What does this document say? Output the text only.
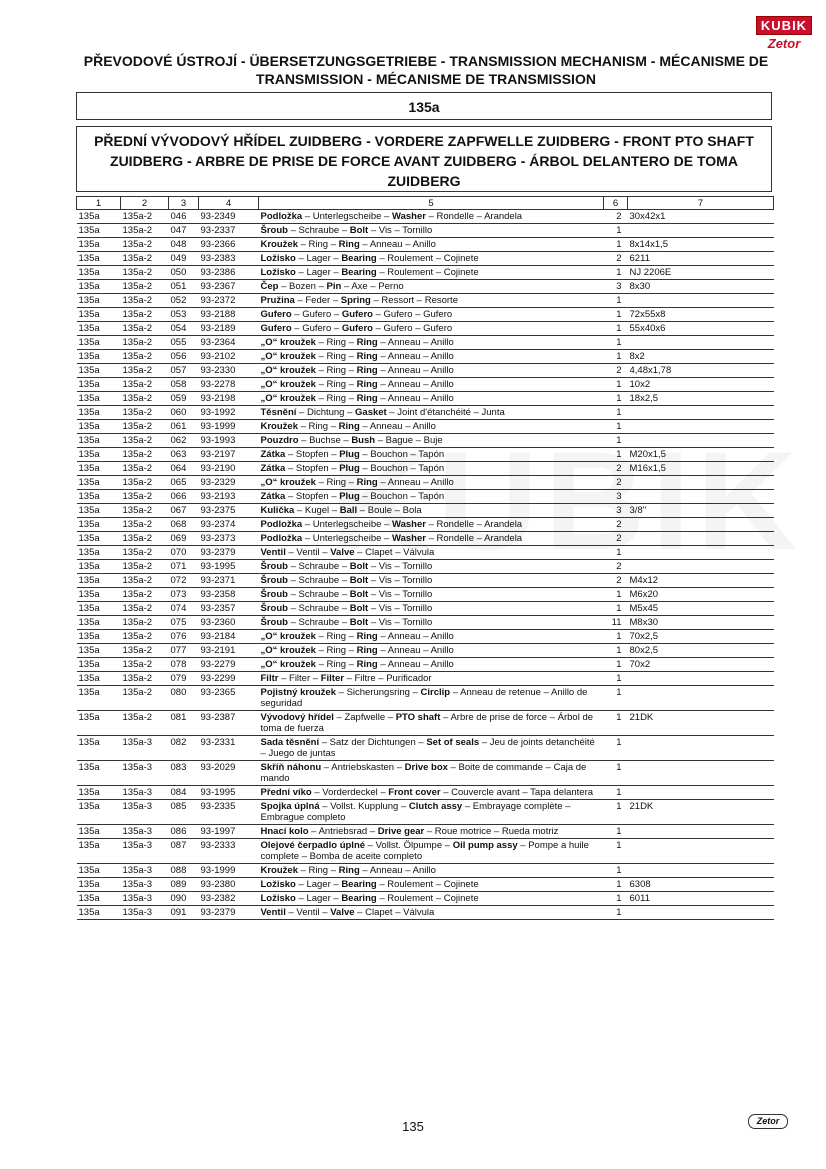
KUBIK
Zetor
PŘEVODOVÉ ÚSTROJÍ - ÜBERSETZUNGSGETRIEBE - TRANSMISSION MECHANISM - MÉCANISME DE
TRANSMISSION - MÉCANISME DE TRANSMISSION
135a
PŘEDNÍ VÝVODOVÝ HŘÍDEL ZUIDBERG - VORDERE ZAPFWELLE ZUIDBERG - FRONT PTO SHAFT
ZUIDBERG - ARBRE DE PRISE DE FORCE AVANT ZUIDBERG - ÁRBOL DELANTERO DE TOMA
ZUIDBERG
1	2	3	4	5	6	7
135a	135a-2	046	93-2349	Podložka – Unterlegscheibe – Washer – Rondelle – Arandela	2	30x42x1
135a	135a-2	047	93-2337	Šroub – Schraube – Bolt – Vis – Tornillo	1	
135a	135a-2	048	93-2366	Kroužek – Ring – Ring – Anneau – Anillo	1	8x14x1,5
135a	135a-2	049	93-2383	Ložisko – Lager – Bearing – Roulement – Cojinete	2	6211
135a	135a-2	050	93-2386	Ložisko – Lager – Bearing – Roulement – Cojinete	1	NJ 2206E
135a	135a-2	051	93-2367	Čep – Bozen – Pin – Axe – Perno	3	8x30
135a	135a-2	052	93-2372	Pružina – Feder – Spring – Ressort – Resorte	1	
135a	135a-2	053	93-2188	Gufero – Gufero – Gufero – Gufero – Gufero	1	72x55x8
135a	135a-2	054	93-2189	Gufero – Gufero – Gufero – Gufero – Gufero	1	55x40x6
135a	135a-2	055	93-2364	„O“ kroužek – Ring – Ring – Anneau – Anillo	1	
135a	135a-2	056	93-2102	„O“ kroužek – Ring – Ring – Anneau – Anillo	1	8x2
135a	135a-2	057	93-2330	„O“ kroužek – Ring – Ring – Anneau – Anillo	2	4,48x1,78
135a	135a-2	058	93-2278	„O“ kroužek – Ring – Ring – Anneau – Anillo	1	10x2
135a	135a-2	059	93-2198	„O“ kroužek – Ring – Ring – Anneau – Anillo	1	18x2,5
135a	135a-2	060	93-1992	Těsnění – Dichtung – Gasket – Joint d'étanchéité – Junta	1	
135a	135a-2	061	93-1999	Kroužek – Ring – Ring – Anneau – Anillo	1	
135a	135a-2	062	93-1993	Pouzdro – Buchse – Bush – Bague – Buje	1	
135a	135a-2	063	93-2197	Zátka – Stopfen – Plug – Bouchon – Tapón	1	M20x1,5
135a	135a-2	064	93-2190	Zátka – Stopfen – Plug – Bouchon – Tapón	2	M16x1,5
135a	135a-2	065	93-2329	„O“ kroužek – Ring – Ring – Anneau – Anillo	2	
135a	135a-2	066	93-2193	Zátka – Stopfen – Plug – Bouchon – Tapón	3	
135a	135a-2	067	93-2375	Kulička – Kugel – Ball – Boule – Bola	3	3/8"
135a	135a-2	068	93-2374	Podložka – Unterlegscheibe – Washer – Rondelle – Arandela	2	
135a	135a-2	069	93-2373	Podložka – Unterlegscheibe – Washer – Rondelle – Arandela	2	
135a	135a-2	070	93-2379	Ventil – Ventil – Valve – Clapet – Válvula	1	
135a	135a-2	071	93-1995	Šroub – Schraube – Bolt – Vis – Tornillo	2	
135a	135a-2	072	93-2371	Šroub – Schraube – Bolt – Vis – Tornillo	2	M4x12
135a	135a-2	073	93-2358	Šroub – Schraube – Bolt – Vis – Tornillo	1	M6x20
135a	135a-2	074	93-2357	Šroub – Schraube – Bolt – Vis – Tornillo	1	M5x45
135a	135a-2	075	93-2360	Šroub – Schraube – Bolt – Vis – Tornillo	11	M8x30
135a	135a-2	076	93-2184	„O“ kroužek – Ring – Ring – Anneau – Anillo	1	70x2,5
135a	135a-2	077	93-2191	„O“ kroužek – Ring – Ring – Anneau – Anillo	1	80x2,5
135a	135a-2	078	93-2279	„O“ kroužek – Ring – Ring – Anneau – Anillo	1	70x2
135a	135a-2	079	93-2299	Filtr – Filter – Filter – Filtre – Purificador	1	
135a	135a-2	080	93-2365	Pojistný kroužek – Sicherungsring – Circlip – Anneau de retenue – Anillo de seguridad	1	
135a	135a-2	081	93-2387	Vývodový hřídel – Zapfwelle – PTO shaft – Arbre de prise de force – Árbol de toma de fuerza	1	21DK
135a	135a-3	082	93-2331	Sada těsnění – Satz der Dichtungen – Set of seals – Jeu de joints detanchéité – Juego de juntas	1	
135a	135a-3	083	93-2029	Skříň náhonu – Antriebskasten – Drive box – Boite de commande – Caja de mando	1	
135a	135a-3	084	93-1995	Přední víko – Vorderdeckel – Front cover – Couvercle avant – Tapa delantera	1	
135a	135a-3	085	93-2335	Spojka úplná – Vollst. Kupplung – Clutch assy – Embrayage complète – Embrague completo	1	21DK
135a	135a-3	086	93-1997	Hnací kolo – Antriebsrad – Drive gear – Roue motrice – Rueda motriz	1	
135a	135a-3	087	93-2333	Olejové čerpadlo úplné – Vollst. Ölpumpe – Oil pump assy – Pompe a huile complete – Bomba de aceite completo	1	
135a	135a-3	088	93-1999	Kroužek – Ring – Ring – Anneau – Anillo	1	
135a	135a-3	089	93-2380	Ložisko – Lager – Bearing – Roulement – Cojinete	1	6308
135a	135a-3	090	93-2382	Ložisko – Lager – Bearing – Roulement – Cojinete	1	6011
135a	135a-3	091	93-2379	Ventil – Ventil – Valve – Clapet – Válvula	1	
135	Zetor
